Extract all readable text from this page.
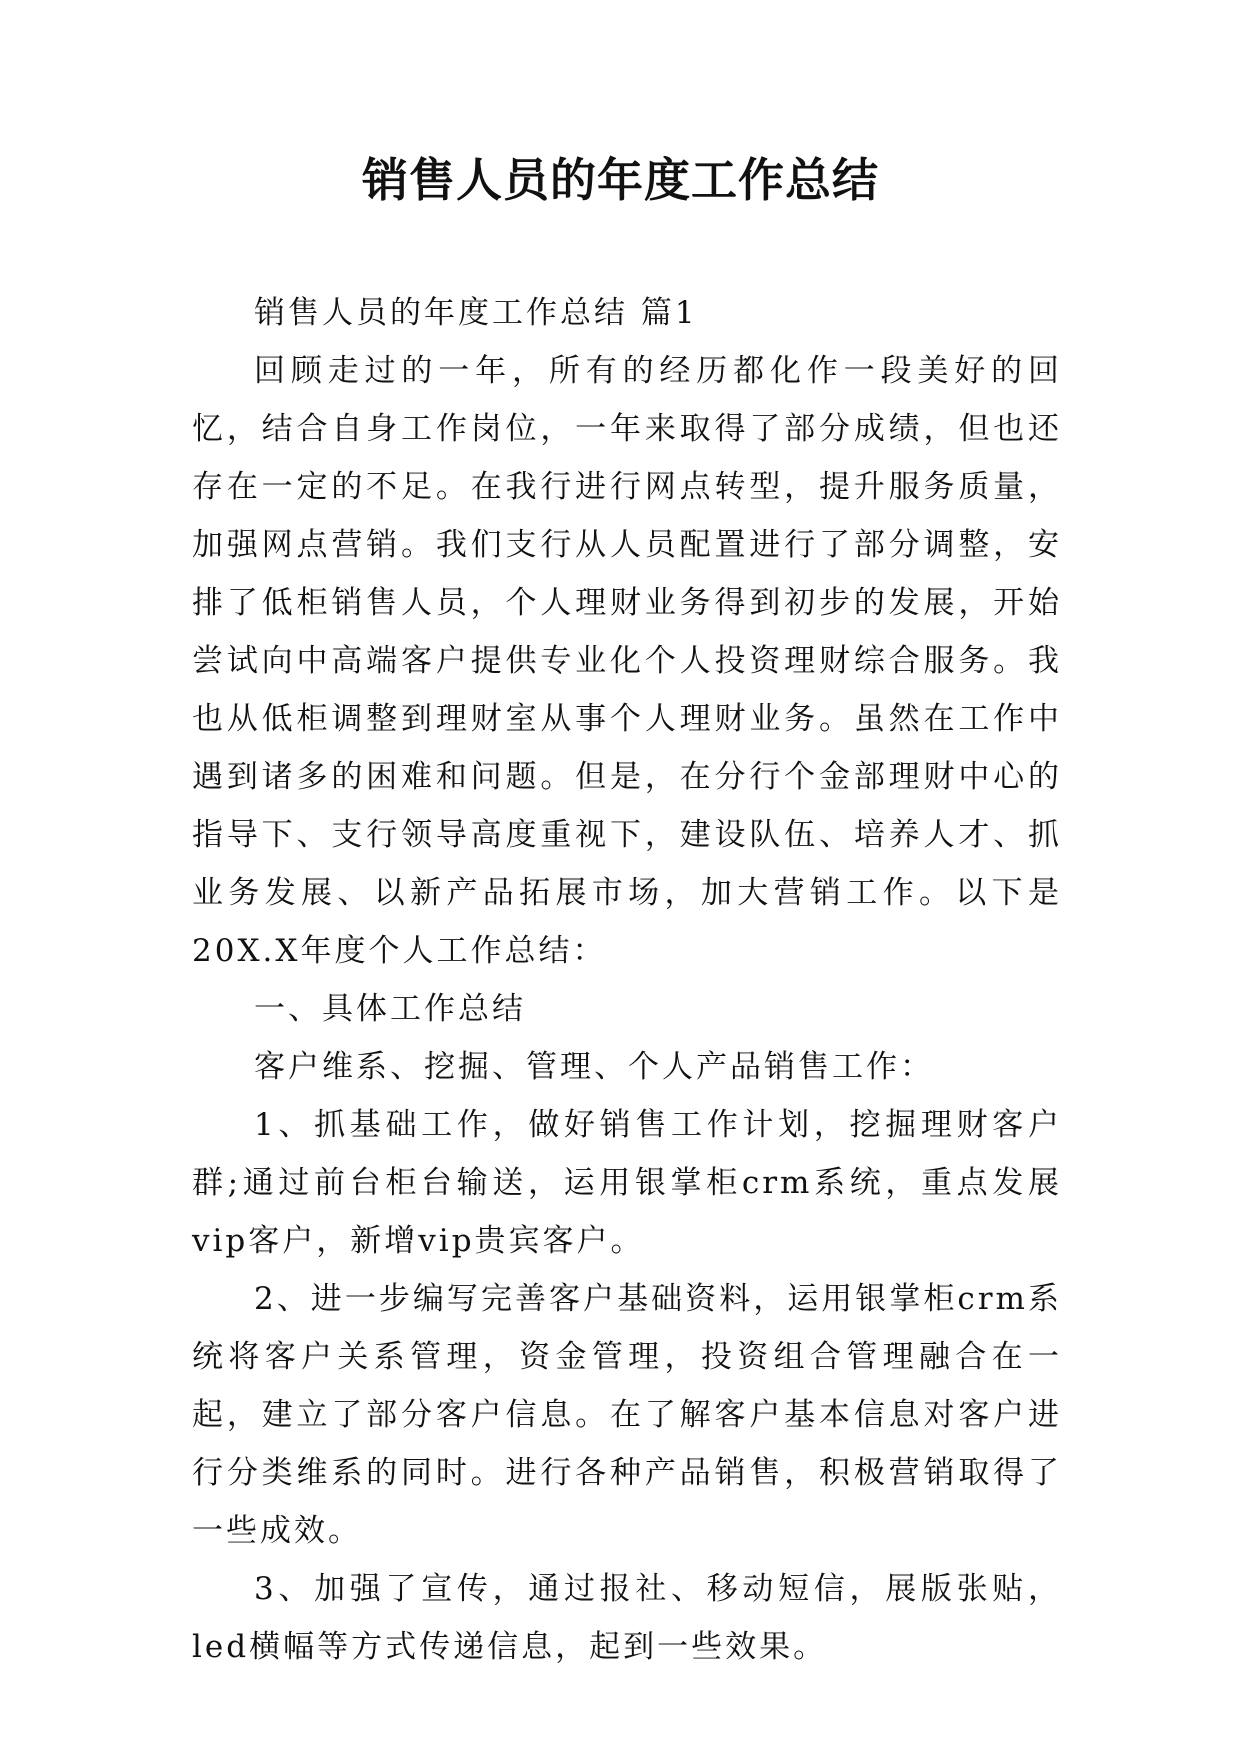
销售人员的年度工作总结

销售人员的年度工作总结 篇1

回顾走过的一年，所有的经历都化作一段美好的回忆，结合自身工作岗位，一年来取得了部分成绩，但也还存在一定的不足。在我行进行网点转型，提升服务质量，加强网点营销。我们支行从人员配置进行了部分调整，安排了低柜销售人员，个人理财业务得到初步的发展，开始尝试向中高端客户提供专业化个人投资理财综合服务。我也从低柜调整到理财室从事个人理财业务。虽然在工作中遇到诸多的困难和问题。但是，在分行个金部理财中心的指导下、支行领导高度重视下，建设队伍、培养人才、抓业务发展、以新产品拓展市场，加大营销工作。以下是20X.X年度个人工作总结：

一、具体工作总结

客户维系、挖掘、管理、个人产品销售工作：

1、抓基础工作，做好销售工作计划，挖掘理财客户群;通过前台柜台输送，运用银掌柜crm系统，重点发展vip客户，新增vip贵宾客户。

2、进一步编写完善客户基础资料，运用银掌柜crm系统将客户关系管理，资金管理，投资组合管理融合在一起，建立了部分客户信息。在了解客户基本信息对客户进行分类维系的同时。进行各种产品销售，积极营销取得了一些成效。

3、加强了宣传，通过报社、移动短信，展版张贴，led横幅等方式传递信息，起到一些效果。
